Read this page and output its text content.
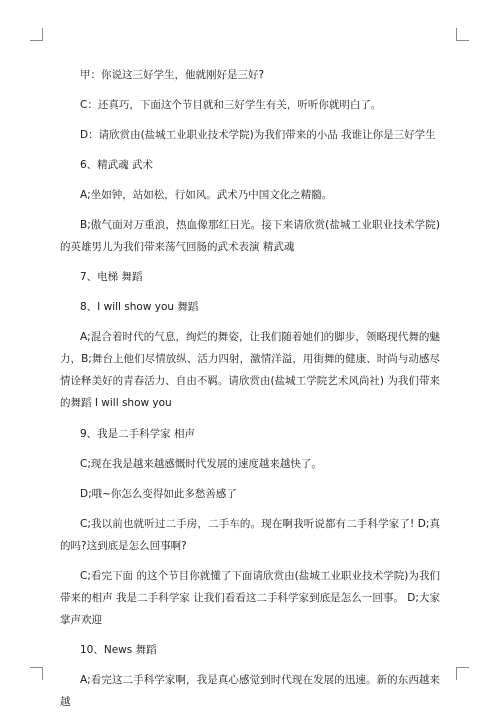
甲：你说这三好学生，他就刚好是三好?

C：还真巧，下面这个节目就和三好学生有关，听听你就明白了。

D：请欣赏由(盐城工业职业技术学院)为我们带来的小品 我谁让你是三好学生

6、精武魂 武术

A;坐如钟，站如松，行如风。武术乃中国文化之精髓。

B;傲气面对万重浪，热血像那红日光。接下来请欣赏(盐城工业职业技术学院)的英雄男儿为我们带来荡气回肠的武术表演 精武魂

7、电梯 舞蹈

8、I will show you 舞蹈

A;混合着时代的气息，绚烂的舞姿，让我们随着她们的脚步，领略现代舞的魅力，B;舞台上他们尽情放纵、活力四射，激情洋溢，用街舞的健康、时尚与动感尽情诠释美好的青春活力、自由不羁。请欣赏由(盐城工学院艺术风尚社) 为我们带来的舞蹈 I will show you

9、我是二手科学家 相声

C;现在我是越来越感慨时代发展的速度越来越快了。

D;哦~你怎么变得如此多愁善感了

C;我以前也就听过二手房，二手车的。现在啊我听说都有二手科学家了! D;真的吗?这到底是怎么回事啊?

C;看完下面 的这个节目你就懂了下面请欣赏由(盐城工业职业技术学院)为我们带来的相声 我是二手科学家 让我们看看这二手科学家到底是怎么一回事。 D;大家掌声欢迎

10、News 舞蹈

A;看完这二手科学家啊，我是真心感觉到时代现在发展的迅速。新的东西越来越
